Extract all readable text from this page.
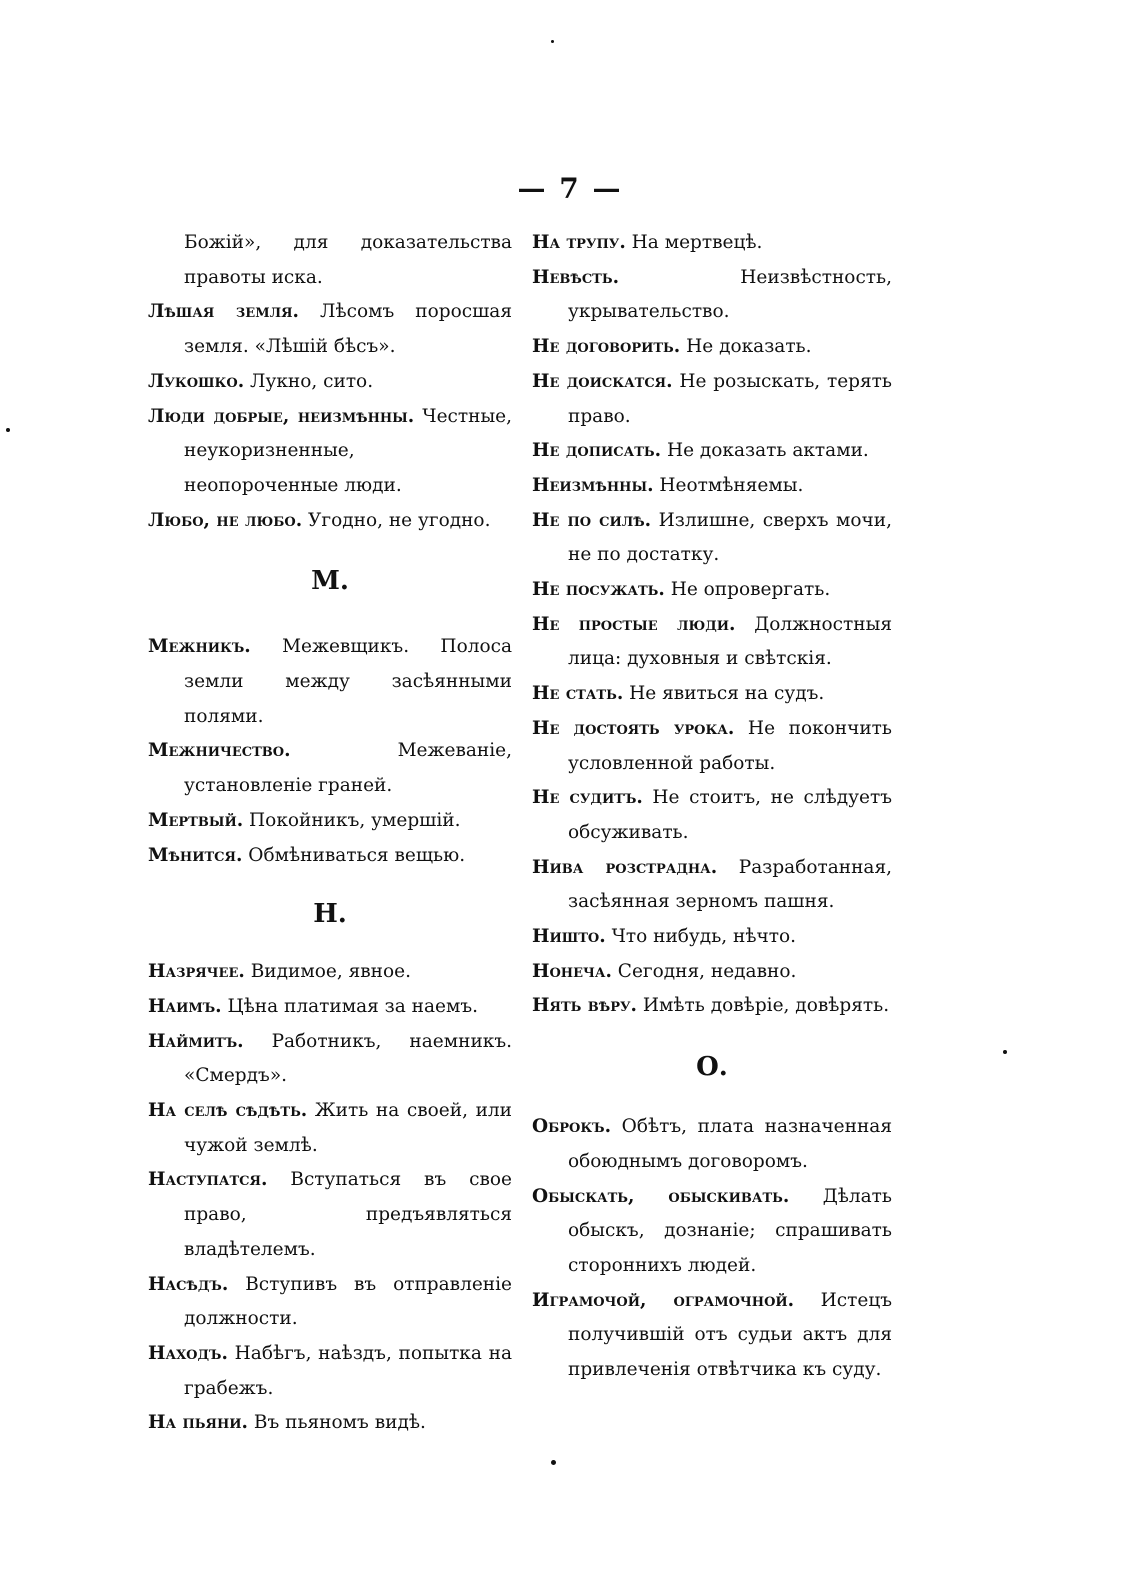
— 7 —

Божій», для доказательства правоты иска.

Лѣшая земля. Лѣсомъ поросшая земля. «Лѣшій бѣсъ».

Лукошко. Лукно, сито.

Люди добрые, неизмѣнны. Честные, неукоризненные, неопороченные люди.

Любо, не любо. Угодно, не угодно.

М.

Межникъ. Межевщикъ. Полоса земли между засѣянными полями.

Межничество. Межеваніе, установленіе граней.

Мертвый. Покойникъ, умершій.

Мѣнится. Обмѣниваться вещью.

Н.

Назрячее. Видимое, явное.

Наимъ. Цѣна платимая за наемъ.

Наймитъ. Работникъ, наемникъ. «Смердъ».

На селѣ сѣдѣть. Жить на своей, или чужой землѣ.

Наступатся. Вступаться въ свое право, предъявляться владѣтелемъ.

Насѣдъ. Вступивъ въ отправленіе должности.

Находъ. Набѣгъ, наѣздъ, попытка на грабежъ.

На пьяни. Въ пьяномъ видѣ.

На трупу. На мертвецѣ.

Невѣсть. Неизвѣстность, укрывательство.

Не договорить. Не доказать.

Не доискатся. Не розыскать, терять право.

Не дописать. Не доказать актами.

Неизмѣнны. Неотмѣняемы.

Не по силѣ. Излишне, сверхъ мочи, не по достатку.

Не посужать. Не опровергать.

Не простые люди. Должностныя лица: духовныя и свѣтскія.

Не стать. Не явиться на судъ.

Не достоять урока. Не покончить условленной работы.

Не судитъ. Не стоитъ, не слѣдуетъ обсуживать.

Нива розстрадна. Разработанная, засѣянная зерномъ пашня.

Ништо. Что нибудь, нѣчто.

Нонеча. Сегодня, недавно.

Нять вѣру. Имѣть довѣріе, довѣрять.

О.

Оброкъ. Обѣтъ, плата назначенная обоюднымъ договоромъ.

Обыскать, обыскивать. Дѣлать обыскъ, дознаніе; спрашивать стороннихъ людей.

Играмочой, ограмочной. Истецъ получившій отъ судьи актъ для привлеченія отвѣтчика къ суду.
